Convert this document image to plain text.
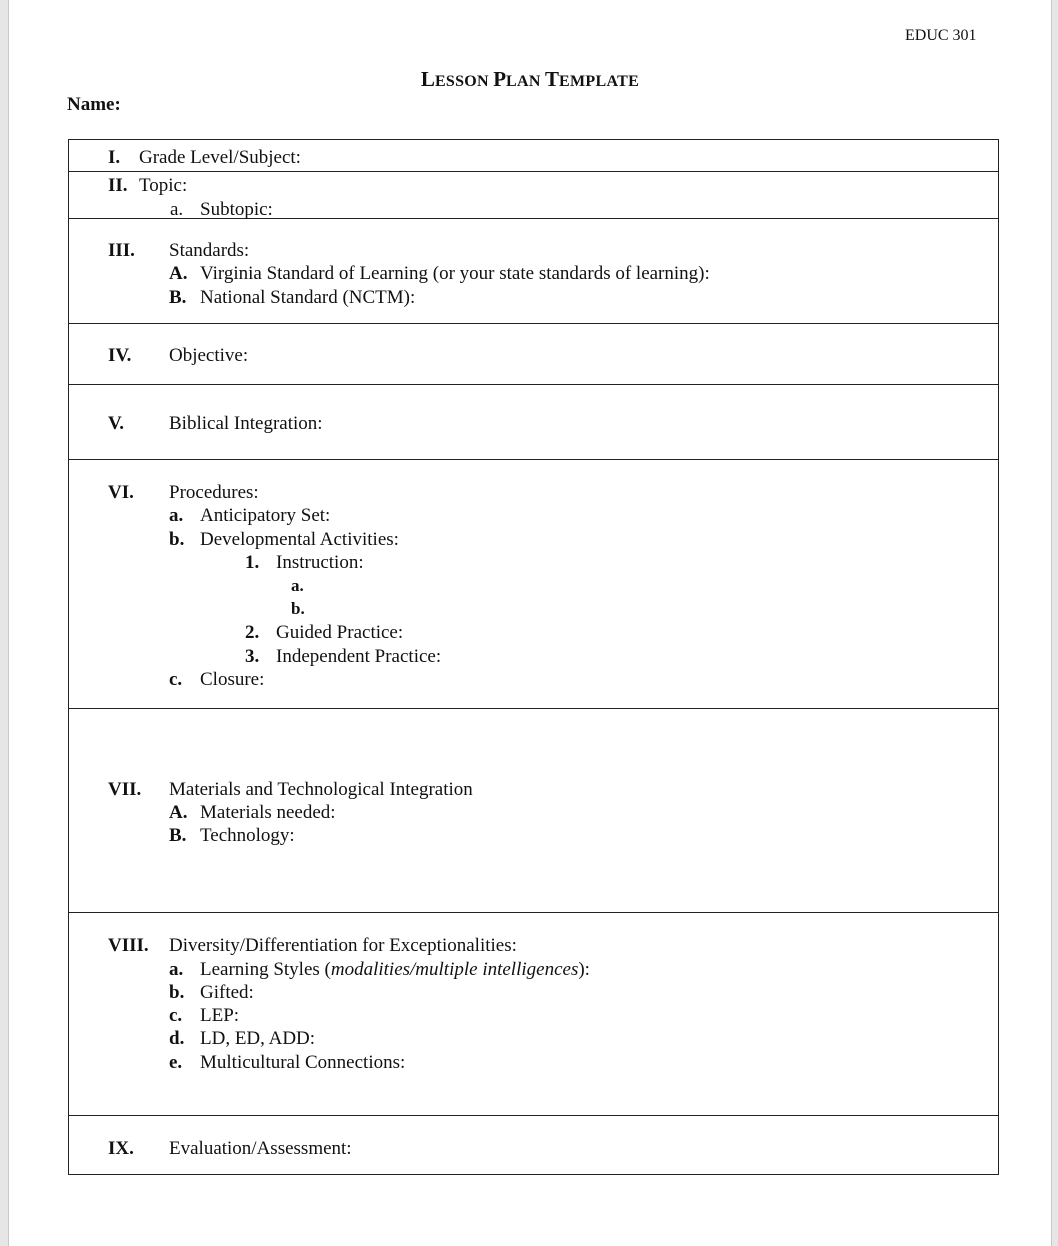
EDUC 301
LESSON PLAN TEMPLATE
Name:
I. Grade Level/Subject:
II. Topic:
a. Subtopic:
III. Standards:
A. Virginia Standard of Learning (or your state standards of learning):
B. National Standard (NCTM):
IV. Objective:
V. Biblical Integration:
VI. Procedures:
a. Anticipatory Set:
b. Developmental Activities:
1. Instruction:
a.
b.
2. Guided Practice:
3. Independent Practice:
c. Closure:
VII. Materials and Technological Integration
A. Materials needed:
B. Technology:
VIII. Diversity/Differentiation for Exceptionalities:
a. Learning Styles (modalities/multiple intelligences):
b. Gifted:
c. LEP:
d. LD, ED, ADD:
e. Multicultural Connections:
IX. Evaluation/Assessment:
